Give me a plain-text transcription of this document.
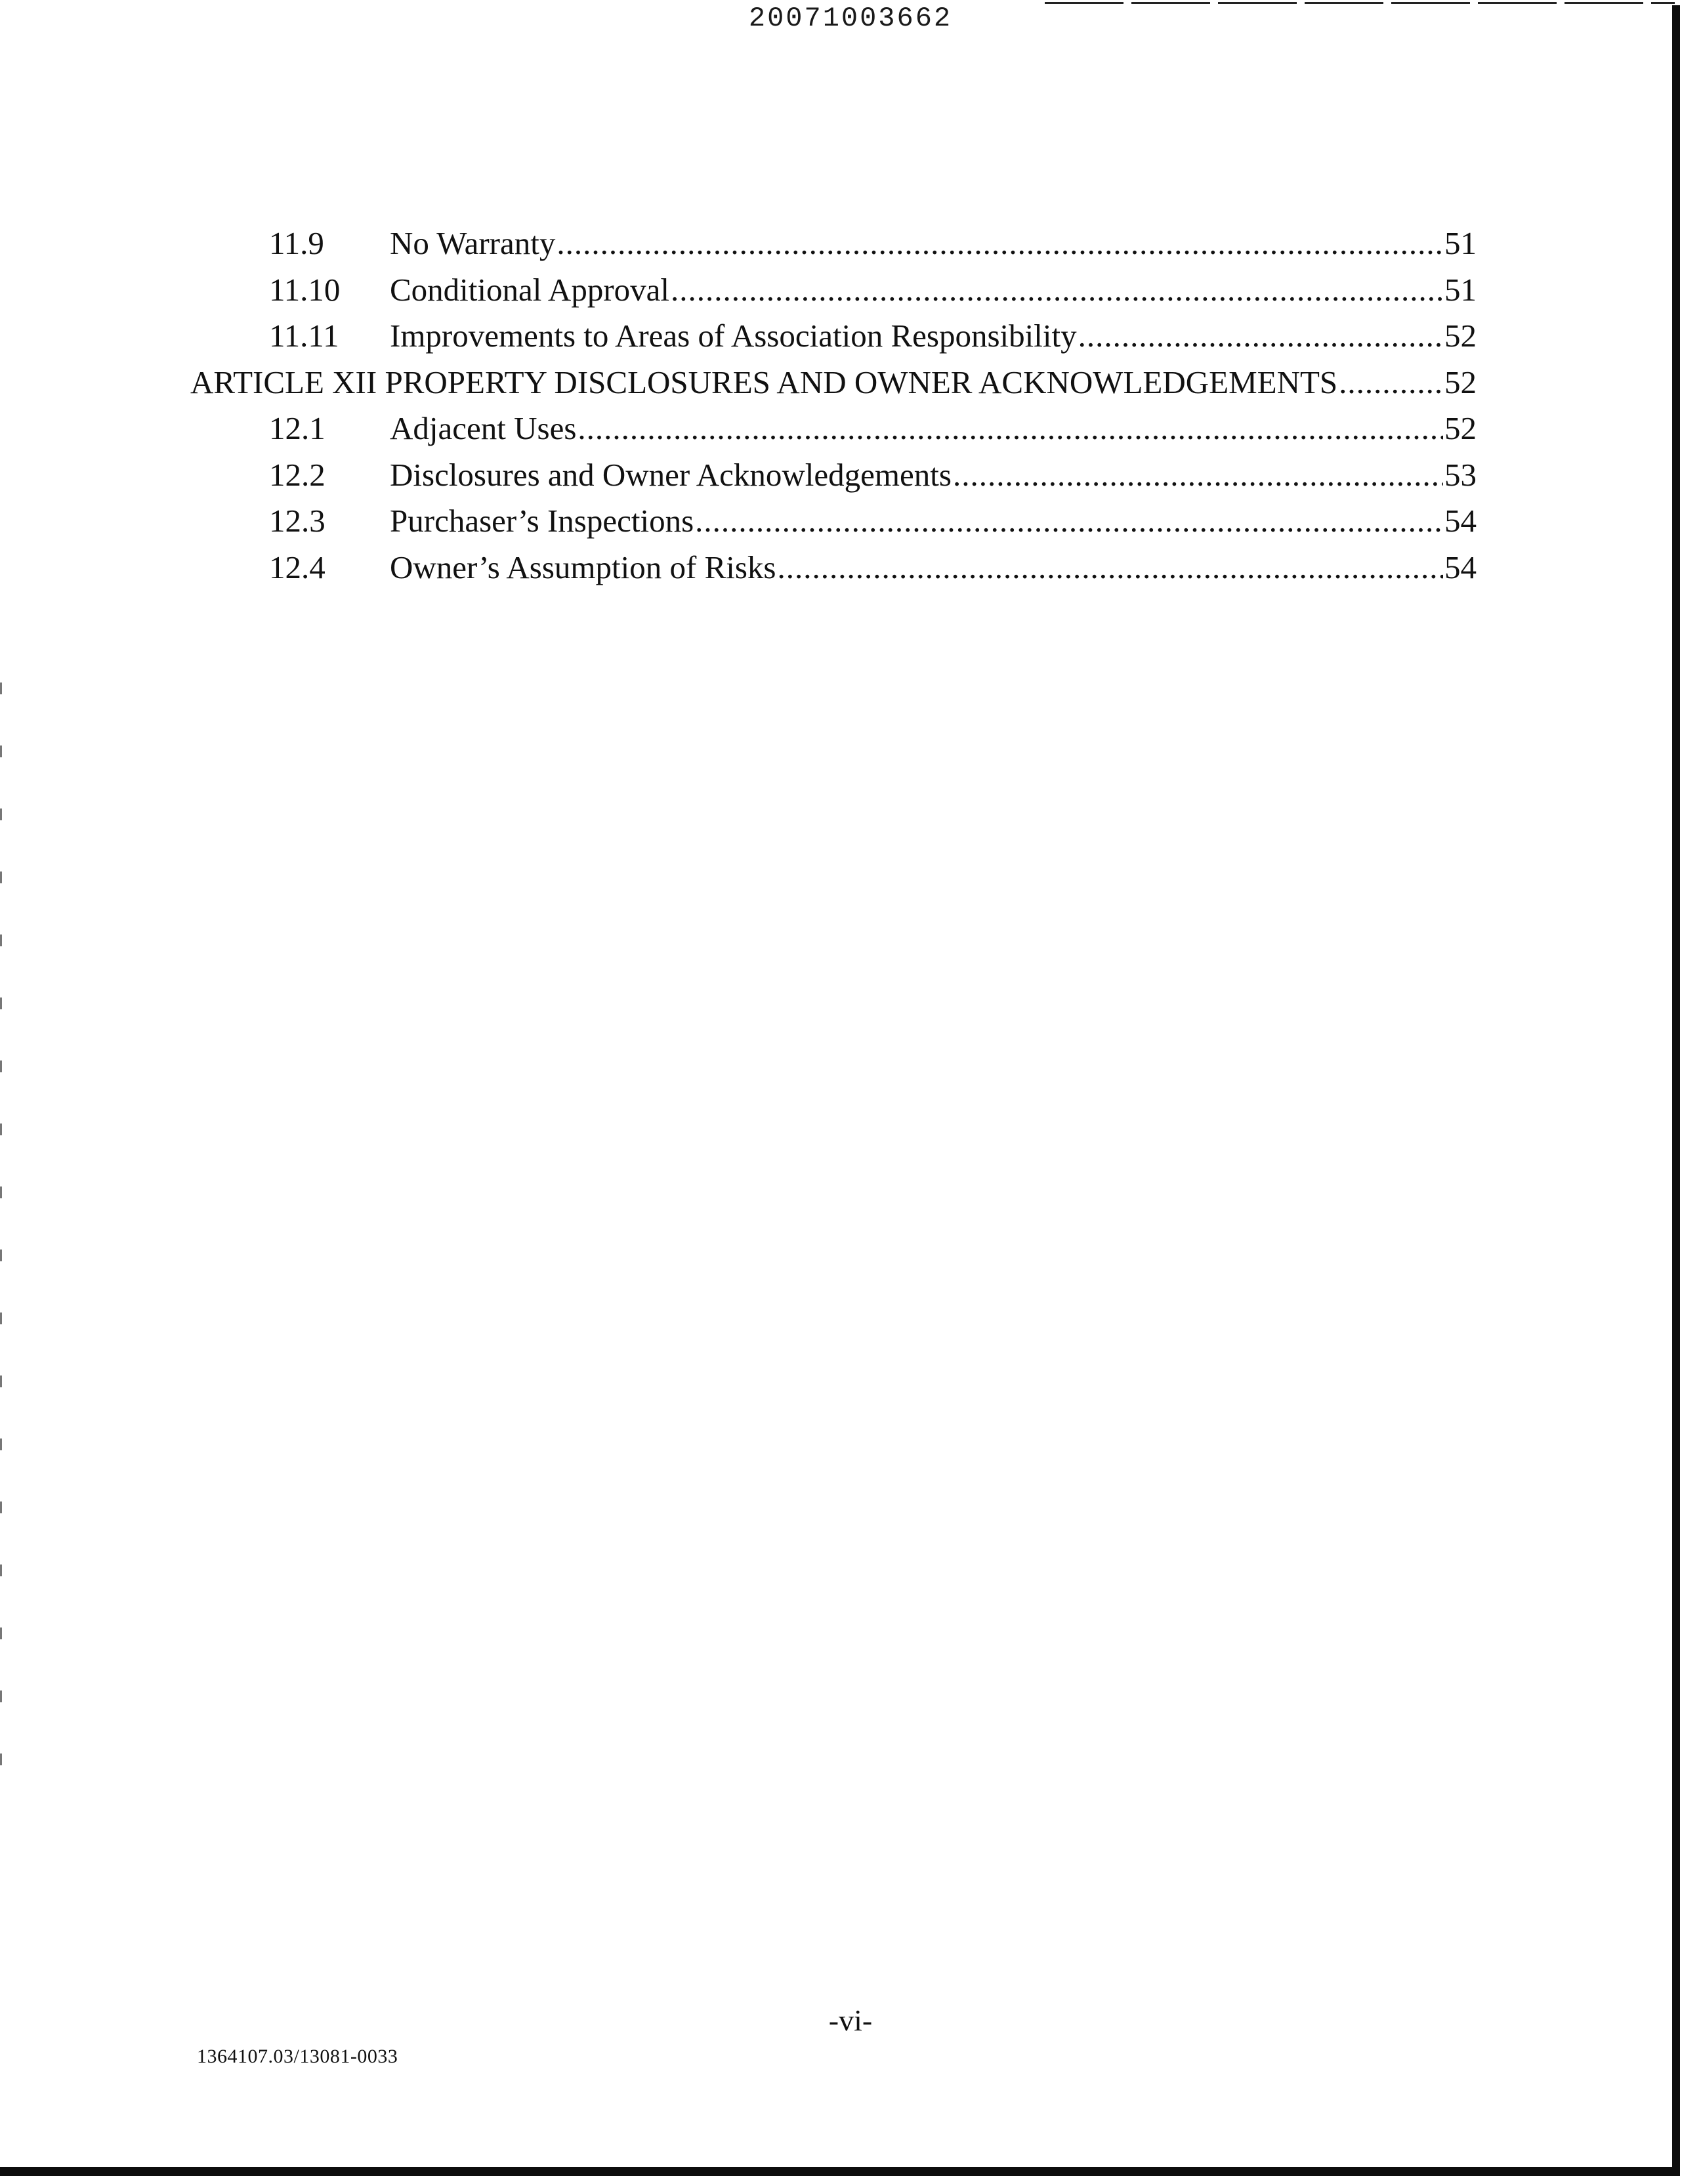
20071003662
11.9 No Warranty .....	51
11.10 Conditional Approval .....	51
11.11 Improvements to Areas of Association Responsibility .....	52
ARTICLE XII PROPERTY DISCLOSURES AND OWNER ACKNOWLEDGEMENTS .....	52
12.1 Adjacent Uses .....	52
12.2 Disclosures and Owner Acknowledgements .....	53
12.3 Purchaser’s Inspections .....	54
12.4 Owner’s Assumption of Risks .....	54
-vi-
1364107.03/13081-0033
